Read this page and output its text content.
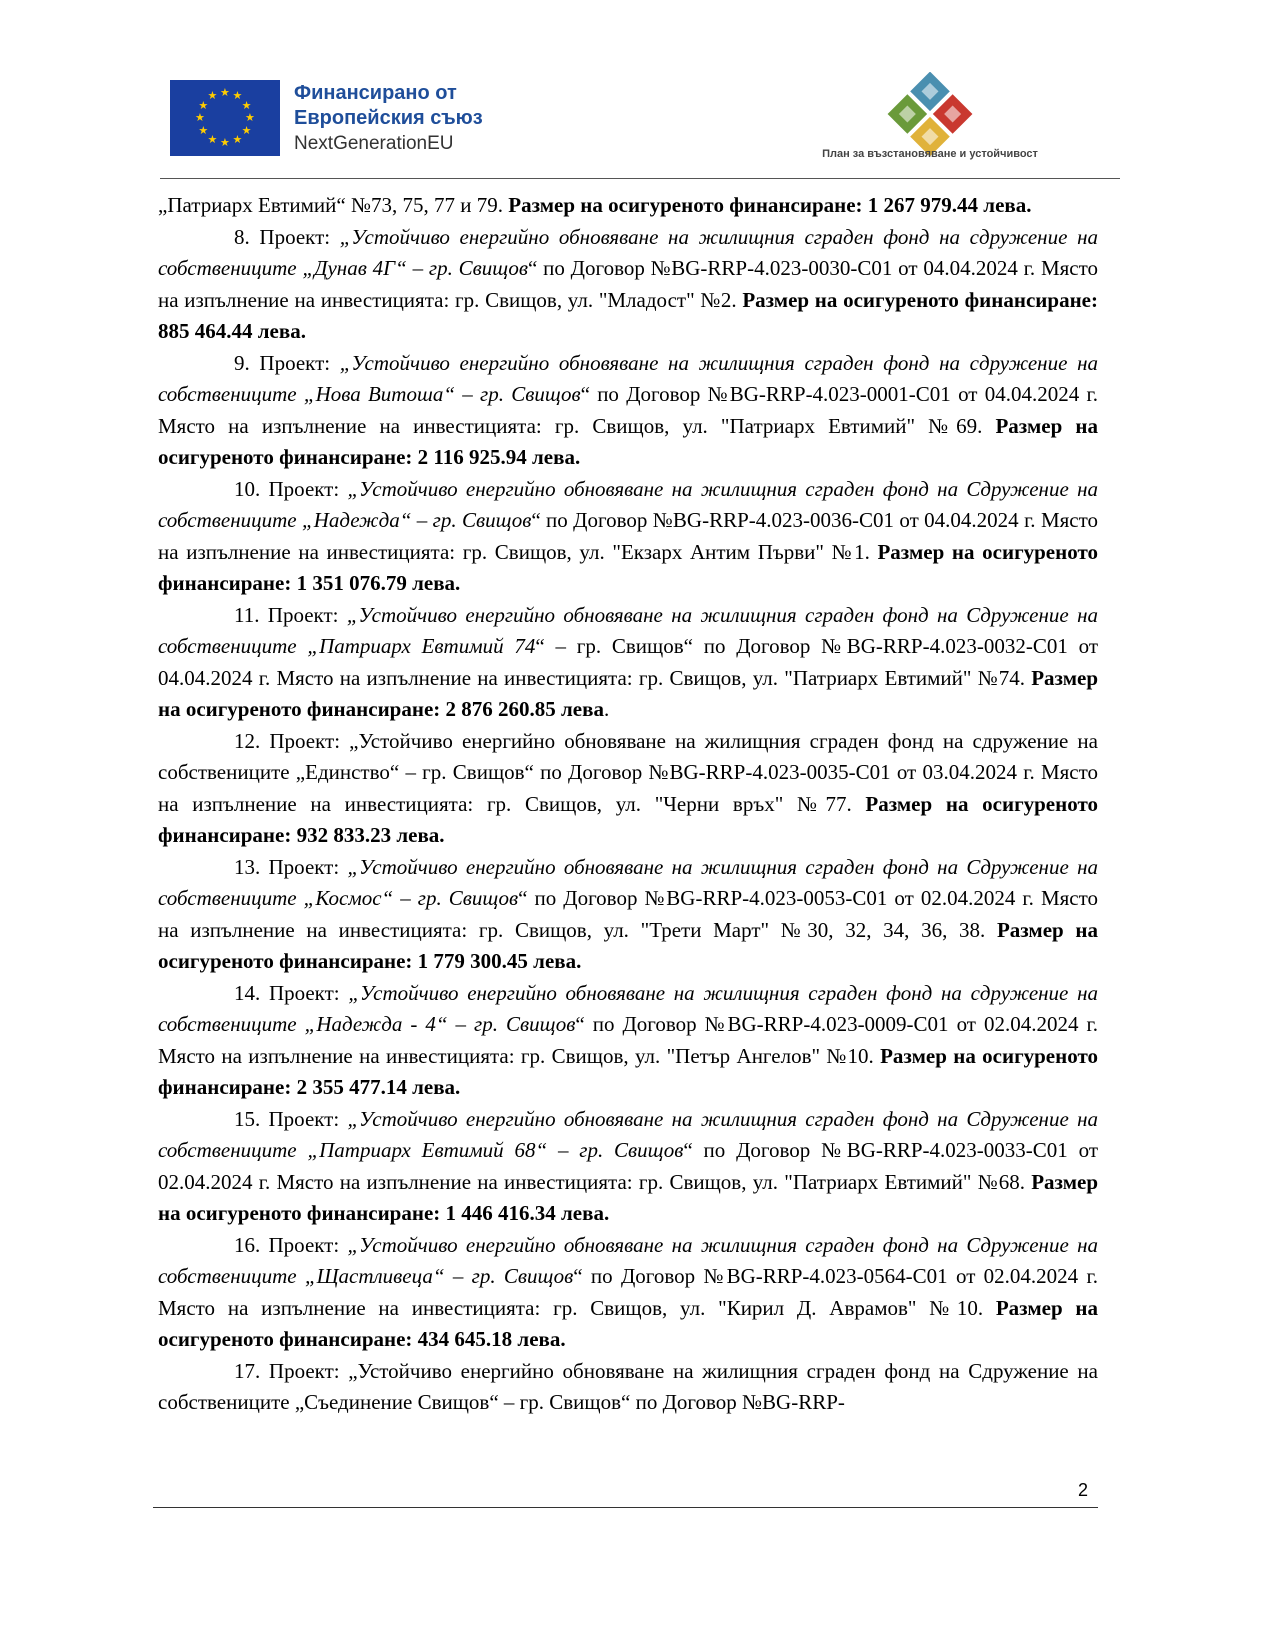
★ ★
★
★
★
★
★
★
★
★
★
★	Финансирано от
Европейския съюз
NextGenerationEU
План за възстановяване и устойчивост

„Патриарх Евтимий“ №73, 75, 77 и 79. Размер на осигуреното финансиране: 1 267 979.44 лева.

8. Проект: „Устойчиво енергийно обновяване на жилищния сграден фонд на сдружение на собствениците „Дунав 4Г“ – гр. Свищов“ по Договор №BG-RRP-4.023-0030-C01 от 04.04.2024 г. Място на изпълнение на инвестицията: гр. Свищов, ул. "Младост" №2. Размер на осигуреното финансиране: 885 464.44 лева.

9. Проект: „Устойчиво енергийно обновяване на жилищния сграден фонд на сдружение на собствениците „Нова Витоша“ – гр. Свищов“ по Договор №BG-RRP-4.023-0001-C01 от 04.04.2024 г. Място на изпълнение на инвестицията: гр. Свищов, ул. "Патриарх Евтимий" №69. Размер на осигуреното финансиране: 2 116 925.94 лева.

10. Проект: „Устойчиво енергийно обновяване на жилищния сграден фонд на Сдружение на собствениците „Надежда“ – гр. Свищов“ по Договор №BG-RRP-4.023-0036-C01 от 04.04.2024 г. Място на изпълнение на инвестицията: гр. Свищов, ул. "Екзарх Антим Първи" №1. Размер на осигуреното финансиране: 1 351 076.79 лева.

11. Проект: „Устойчиво енергийно обновяване на жилищния сграден фонд на Сдружение на собствениците „Патриарх Евтимий 74“ – гр. Свищов“ по Договор №BG-RRP-4.023-0032-C01 от 04.04.2024 г. Място на изпълнение на инвестицията: гр. Свищов, ул. "Патриарх Евтимий" №74. Размер на осигуреното финансиране: 2 876 260.85 лева.

12. Проект: „Устойчиво енергийно обновяване на жилищния сграден фонд на сдружение на собствениците „Единство“ – гр. Свищов“ по Договор №BG-RRP-4.023-0035-C01 от 03.04.2024 г. Място на изпълнение на инвестицията: гр. Свищов, ул. "Черни връх" №77. Размер на осигуреното финансиране: 932 833.23 лева.

13. Проект: „Устойчиво енергийно обновяване на жилищния сграден фонд на Сдружение на собствениците „Космос“ – гр. Свищов“ по Договор №BG-RRP-4.023-0053-C01 от 02.04.2024 г. Място на изпълнение на инвестицията: гр. Свищов, ул. "Трети Март" №30, 32, 34, 36, 38. Размер на осигуреното финансиране: 1 779 300.45 лева.

14. Проект: „Устойчиво енергийно обновяване на жилищния сграден фонд на сдружение на собствениците „Надежда - 4“ – гр. Свищов“ по Договор №BG-RRP-4.023-0009-C01 от 02.04.2024 г. Място на изпълнение на инвестицията: гр. Свищов, ул. "Петър Ангелов" №10. Размер на осигуреното финансиране: 2 355 477.14 лева.

15. Проект: „Устойчиво енергийно обновяване на жилищния сграден фонд на Сдружение на собствениците „Патриарх Евтимий 68“ – гр. Свищов“ по Договор №BG-RRP-4.023-0033-C01 от 02.04.2024 г. Място на изпълнение на инвестицията: гр. Свищов, ул. "Патриарх Евтимий" №68. Размер на осигуреното финансиране: 1 446 416.34 лева.

16. Проект: „Устойчиво енергийно обновяване на жилищния сграден фонд на Сдружение на собствениците „Щастливеца“ – гр. Свищов“ по Договор №BG-RRP-4.023-0564-C01 от 02.04.2024 г. Място на изпълнение на инвестицията: гр. Свищов, ул. "Кирил Д. Аврамов" №10. Размер на осигуреното финансиране: 434 645.18 лева.

17. Проект: „Устойчиво енергийно обновяване на жилищния сграден фонд на Сдружение на собствениците „Съединение Свищов“ – гр. Свищов“ по Договор №BG-RRP-

2
